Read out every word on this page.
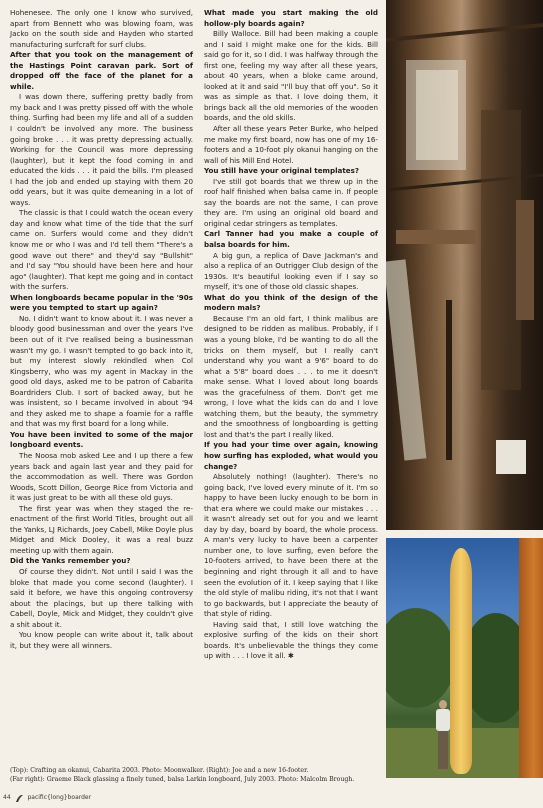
Hohenesee. The only one I know who survived, apart from Bennett who was blowing foam, was Jacko on the south side and Hayden who started manufacturing surfcraft for surf clubs.

After that you took on the management of the Hastings Point caravan park. Sort of dropped off the face of the planet for a while.

I was down there, suffering pretty badly from my back and I was pretty pissed off with the whole thing. Surfing had been my life and all of a sudden I couldn't be involved any more. The business going broke . . . it was pretty depressing actually. Working for the Council was more depressing (laughter), but it kept the food coming in and educated the kids . . . it paid the bills. I'm pleased I had the job and ended up staying with them 20 odd years, but it was quite demeaning in a lot of ways.

The classic is that I could watch the ocean every day and know what time of the tide that the surf came on. Surfers would come and they didn't know me or who I was and I'd tell them "There's a good wave out there" and they'd say "Bullshit" and I'd say "You should have been here and hour ago" (laughter). That kept me going and in contact with the surfers.

When longboards became popular in the '90s were you tempted to start up again?

No. I didn't want to know about it. I was never a bloody good businessman and over the years I've been out of it I've realised being a businessman wasn't my go. I wasn't tempted to go back into it, but my interest slowly rekindled when Col Kingsberry, who was my agent in Mackay in the good old days, asked me to be patron of Cabarita Boardriders Club. I sort of backed away, but he was insistent, so I became involved in about '94 and they asked me to shape a foamie for a raffle and that was my first board for a long while.

You have been invited to some of the major longboard events.

The Noosa mob asked Lee and I up there a few years back and again last year and they paid for the accommodation as well. There was Gordon Woods, Scott Dillon, George Rice from Victoria and it was just great to be with all these old guys.

The first year was when they staged the re-enactment of the first World Titles, brought out all the Yanks, LJ Richards, Joey Cabell, Mike Doyle plus Midget and Mick Dooley, it was a real buzz meeting up with them again.

Did the Yanks remember you?

Of course they didn't. Not until I said I was the bloke that made you come second (laughter). I said it before, we have this ongoing controversy about the placings, but up there talking with Cabell, Doyle, Mick and Midget, they couldn't give a shit about it.

You know people can write about it, talk about it, but they were all winners.

What made you start making the old hollow-ply boards again?

Billy Walloce. Bill had been making a couple and I said I might make one for the kids. Bill said go for it, so I did. I was halfway through the first one, feeling my way after all these years, about 40 years, when a bloke came around, looked at it and said "I'll buy that off you". So it was as simple as that. I love doing them, it brings back all the old memories of the wooden boards, and the old skills.

After all these years Peter Burke, who helped me make my first board, now has one of my 16-footers and a 10-foot ply okanui hanging on the wall of his Mill End Hotel.

You still have your original templates?

I've still got boards that we threw up in the roof half finished when balsa came in. If people say the boards are not the same, I can prove they are. I'm using an original old board and original cedar stringers as templates.

Carl Tanner had you make a couple of balsa boards for him.

A big gun, a replica of Dave Jackman's and also a replica of an Outrigger Club design of the 1930s. It's beautiful looking even if I say so myself, it's one of those old classic shapes.

What do you think of the design of the modern mals?

Because I'm an old fart, I think malibus are designed to be ridden as malibus. Probably, if I was a young bloke, I'd be wanting to do all the tricks on them myself, but I really can't understand why you want a 9'6" board to do what a 5'8" board does . . . to me it doesn't make sense. What I loved about long boards was the gracefulness of them. Don't get me wrong, I love what the kids can do and I love watching them, but the beauty, the symmetry and the smoothness of longboarding is getting lost and that's the part I really liked.

If you had your time over again, knowing how surfing has exploded, what would you change?

Absolutely nothing! (laughter). There's no going back, I've loved every minute of it. I'm so happy to have been lucky enough to be born in that era where we could make our mistakes . . . it wasn't already set out for you and we learnt day by day, board by board, the whole process. A man's very lucky to have been a carpenter number one, to love surfing, even before the 10-footers arrived, to have been there at the beginning and right through it all and to have seen the evolution of it. I keep saying that I like the old style of malibu riding, it's not that I want to go backwards, but I appreciate the beauty of that style of riding.

Having said that, I still love watching the explosive surfing of the kids on their short boards. It's unbelievable the things they come up with . . . I love it all. ✱

(Top): Crafting an okanui, Cabarita 2003. Photo: Moonwalker. (Right): Joe and a new 16-footer.
(Far right): Graeme Black glassing a finely tuned, balsa Larkin longboard, July 2003. Photo: Malcolm Brough.
44	pacific{long}boarder
